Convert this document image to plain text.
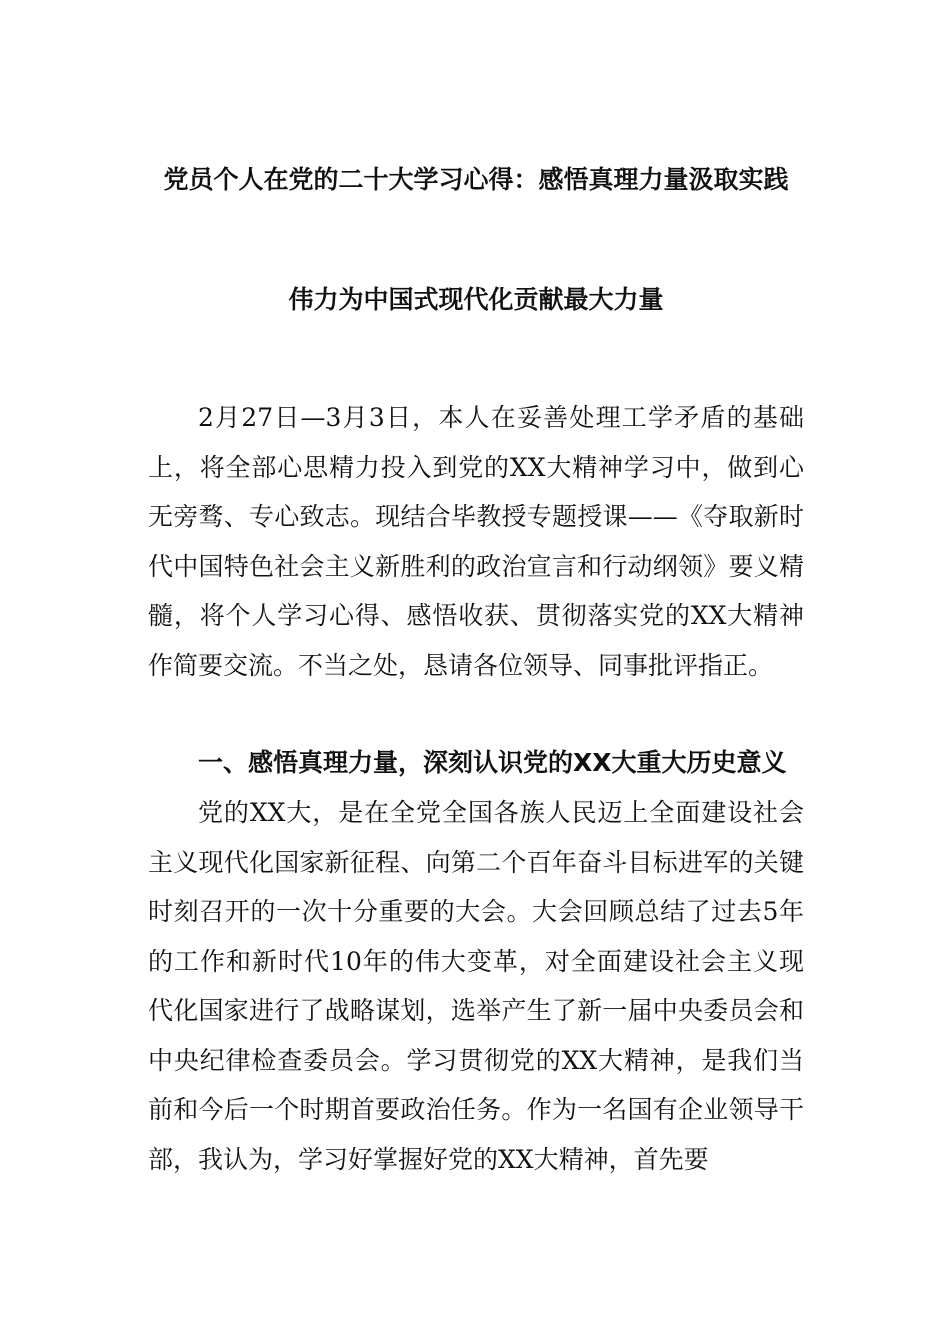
党员个人在党的二十大学习心得：感悟真理力量汲取实践
伟力为中国式现代化贡献最大力量

2月27日—3月3日，本人在妥善处理工学矛盾的基础上，将全部心思精力投入到党的XX大精神学习中，做到心无旁骛、专心致志。现结合毕教授专题授课——《夺取新时代中国特色社会主义新胜利的政治宣言和行动纲领》要义精髓，将个人学习心得、感悟收获、贯彻落实党的XX大精神作简要交流。不当之处，恳请各位领导、同事批评指正。

一、感悟真理力量，深刻认识党的XX大重大历史意义

党的XX大，是在全党全国各族人民迈上全面建设社会主义现代化国家新征程、向第二个百年奋斗目标进军的关键时刻召开的一次十分重要的大会。大会回顾总结了过去5年的工作和新时代10年的伟大变革，对全面建设社会主义现代化国家进行了战略谋划，选举产生了新一届中央委员会和中央纪律检查委员会。学习贯彻党的XX大精神，是我们当前和今后一个时期首要政治任务。作为一名国有企业领导干部，我认为，学习好掌握好党的XX大精神，首先要
